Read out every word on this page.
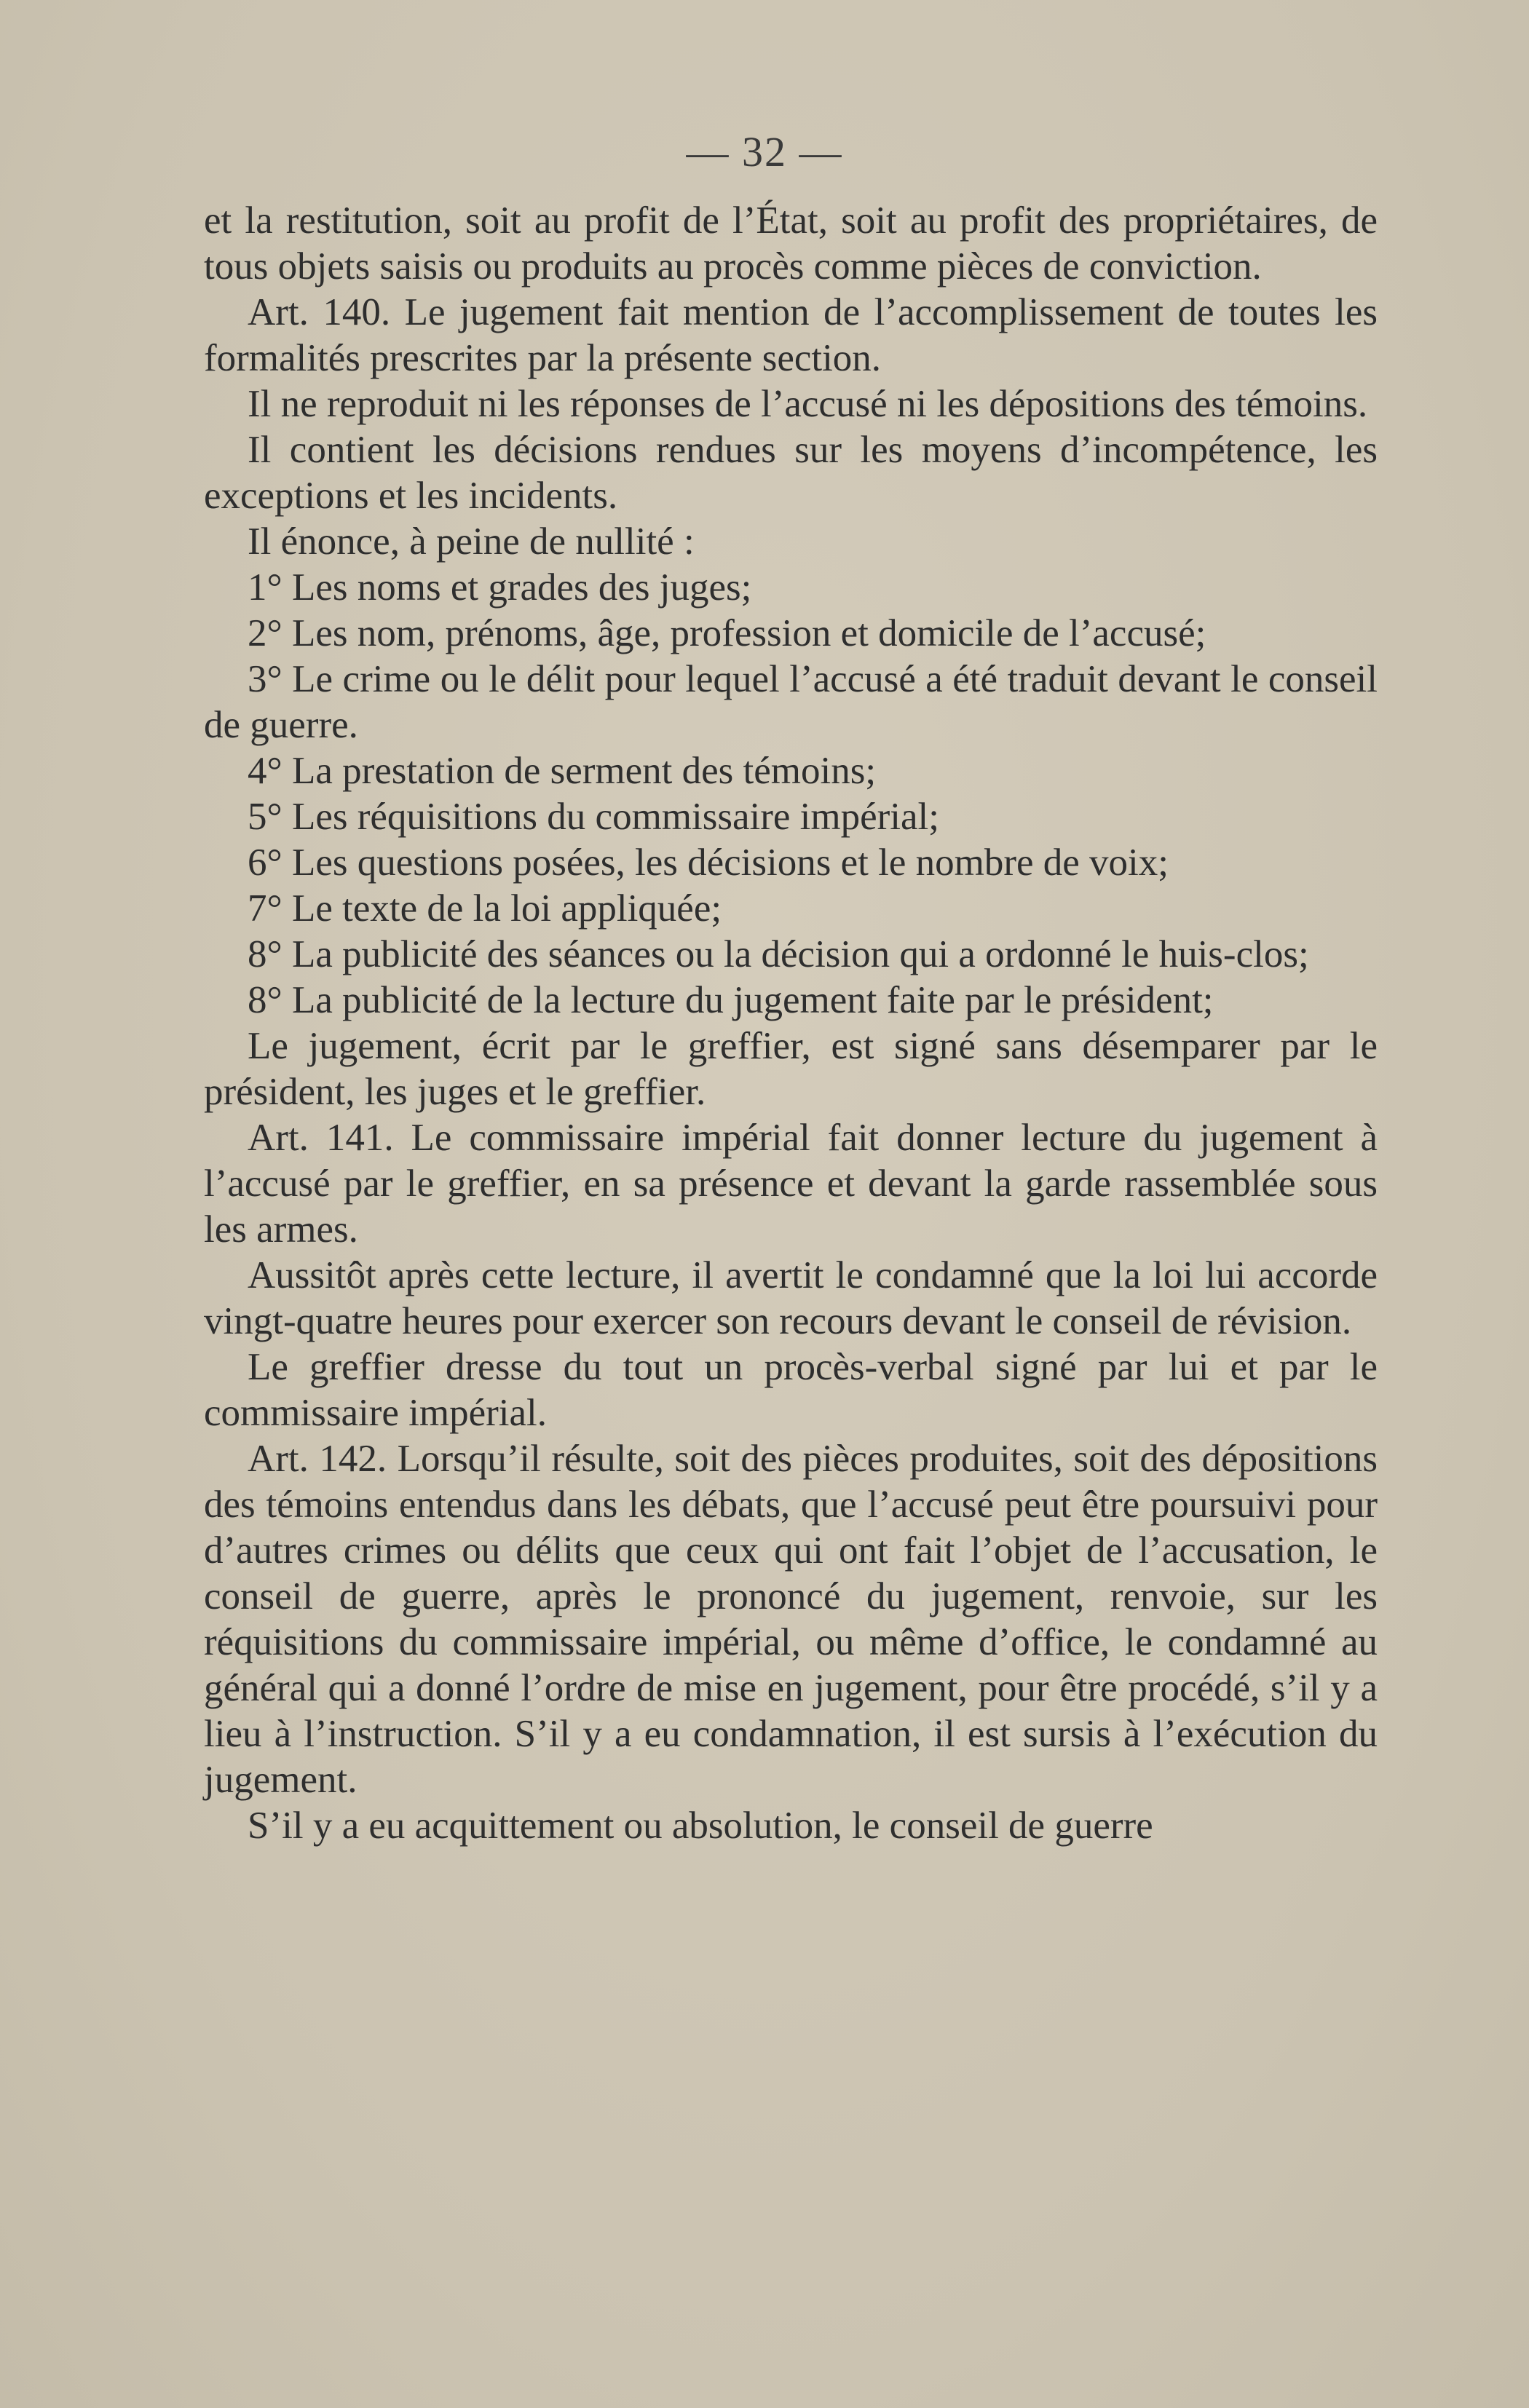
— 32 —

et la restitution, soit au profit de l’État, soit au profit des propriétaires, de tous objets saisis ou produits au procès comme pièces de conviction.

Art. 140. Le jugement fait mention de l’accomplissement de toutes les formalités prescrites par la présente section.

Il ne reproduit ni les réponses de l’accusé ni les dépositions des témoins.

Il contient les décisions rendues sur les moyens d’incompétence, les exceptions et les incidents.

Il énonce, à peine de nullité :

1° Les noms et grades des juges;

2° Les nom, prénoms, âge, profession et domicile de l’accusé;

3° Le crime ou le délit pour lequel l’accusé a été traduit devant le conseil de guerre.

4° La prestation de serment des témoins;

5° Les réquisitions du commissaire impérial;

6° Les questions posées, les décisions et le nombre de voix;

7° Le texte de la loi appliquée;

8° La publicité des séances ou la décision qui a ordonné le huis-clos;

8° La publicité de la lecture du jugement faite par le président;

Le jugement, écrit par le greffier, est signé sans désemparer par le président, les juges et le greffier.

Art. 141. Le commissaire impérial fait donner lecture du jugement à l’accusé par le greffier, en sa présence et devant la garde rassemblée sous les armes.

Aussitôt après cette lecture, il avertit le condamné que la loi lui accorde vingt-quatre heures pour exercer son recours devant le conseil de révision.

Le greffier dresse du tout un procès-verbal signé par lui et par le commissaire impérial.

Art. 142. Lorsqu’il résulte, soit des pièces produites, soit des dépositions des témoins entendus dans les débats, que l’accusé peut être poursuivi pour d’autres crimes ou délits que ceux qui ont fait l’objet de l’accusation, le conseil de guerre, après le prononcé du jugement, renvoie, sur les réquisitions du commissaire impérial, ou même d’office, le condamné au général qui a donné l’ordre de mise en jugement, pour être procédé, s’il y a lieu à l’instruction. S’il y a eu condamnation, il est sursis à l’exécution du jugement.

S’il y a eu acquittement ou absolution, le conseil de guerre
